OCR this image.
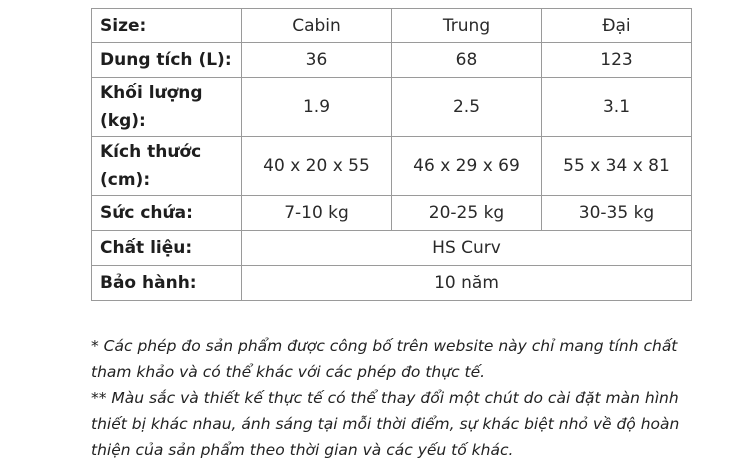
Size:	Cabin	Trung	Đại
Dung tích (L):	36	68	123
Khối lượng (kg):	1.9	2.5	3.1
Kích thước (cm):	40 x 20 x 55	46 x 29 x 69	55 x 34 x 81
Sức chứa:	7-10 kg	20-25 kg	30-35 kg
Chất liệu:	HS Curv		
Bảo hành:	10 năm		

* Các phép đo sản phẩm được công bố trên website này chỉ mang tính chất tham khảo và có thể khác với các phép đo thực tế.

** Màu sắc và thiết kế thực tế có thể thay đổi một chút do cài đặt màn hình thiết bị khác nhau, ánh sáng tại mỗi thời điểm, sự khác biệt nhỏ về độ hoàn thiện của sản phẩm theo thời gian và các yếu tố khác.
